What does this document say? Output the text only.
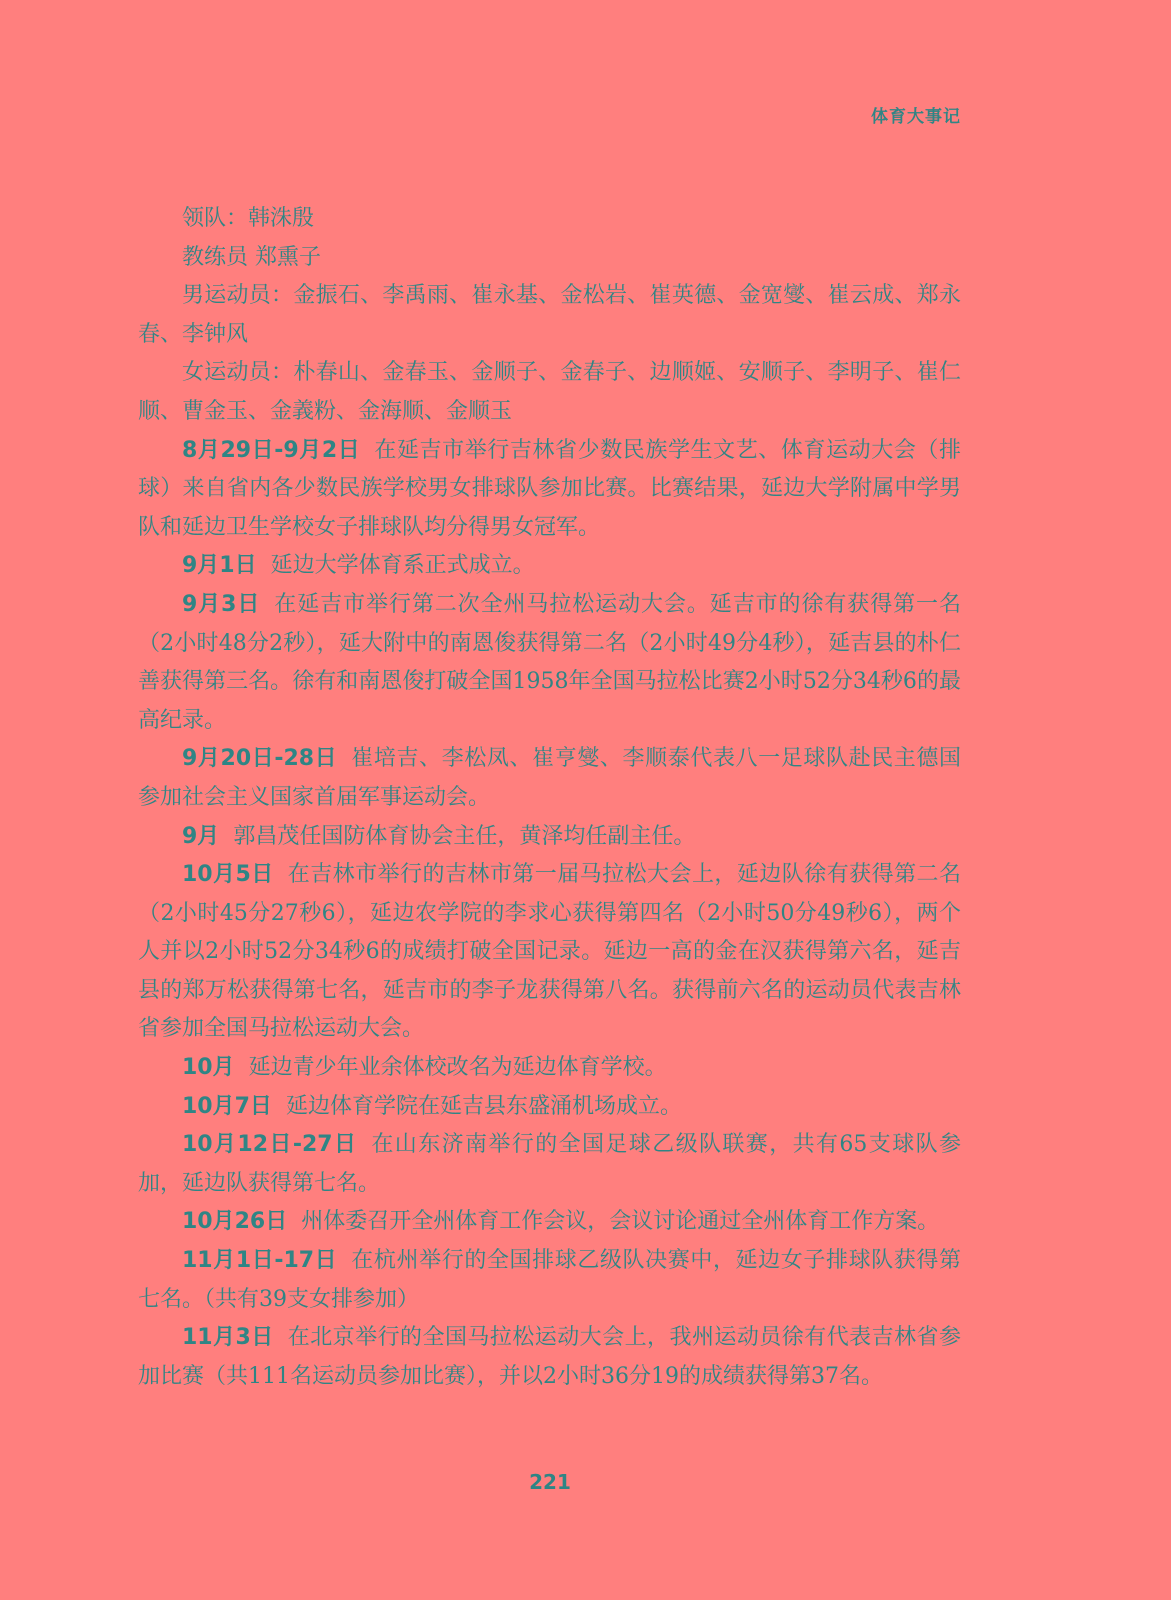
体育大事记

领队：韩洙殷

教练员 郑熏子

男运动员：金振石、李禹雨、崔永基、金松岩、崔英德、金宽燮、崔云成、郑永春、李钟风

女运动员：朴春山、金春玉、金顺子、金春子、边顺姬、安顺子、李明子、崔仁顺、曹金玉、金義粉、金海顺、金顺玉

8月29日-9月2日 在延吉市举行吉林省少数民族学生文艺、体育运动大会（排球）来自省内各少数民族学校男女排球队参加比赛。比赛结果，延边大学附属中学男队和延边卫生学校女子排球队均分得男女冠军。

9月1日 延边大学体育系正式成立。

9月3日 在延吉市举行第二次全州马拉松运动大会。延吉市的徐有获得第一名（2小时48分2秒），延大附中的南恩俊获得第二名（2小时49分4秒），延吉县的朴仁善获得第三名。徐有和南恩俊打破全国1958年全国马拉松比赛2小时52分34秒6的最高纪录。

9月20日-28日 崔培吉、李松凤、崔亨燮、李顺泰代表八一足球队赴民主德国参加社会主义国家首届军事运动会。

9月 郭昌茂任国防体育协会主任，黄泽均任副主任。

10月5日 在吉林市举行的吉林市第一届马拉松大会上，延边队徐有获得第二名（2小时45分27秒6），延边农学院的李求心获得第四名（2小时50分49秒6），两个人并以2小时52分34秒6的成绩打破全国记录。延边一高的金在汉获得第六名，延吉县的郑万松获得第七名，延吉市的李子龙获得第八名。获得前六名的运动员代表吉林省参加全国马拉松运动大会。

10月 延边青少年业余体校改名为延边体育学校。

10月7日 延边体育学院在延吉县东盛涌机场成立。

10月12日-27日 在山东济南举行的全国足球乙级队联赛，共有65支球队参加，延边队获得第七名。

10月26日 州体委召开全州体育工作会议，会议讨论通过全州体育工作方案。

11月1日-17日 在杭州举行的全国排球乙级队决赛中，延边女子排球队获得第七名。（共有39支女排参加）

11月3日 在北京举行的全国马拉松运动大会上，我州运动员徐有代表吉林省参加比赛（共111名运动员参加比赛），并以2小时36分19的成绩获得第37名。

221
